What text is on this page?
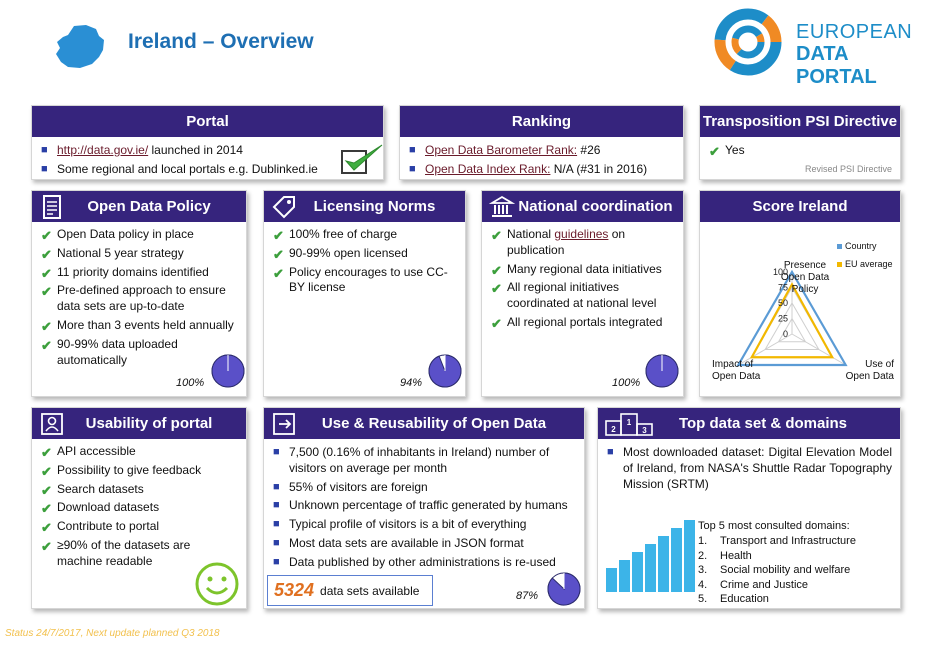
Ireland – Overview	EUROPEAN
DATA PORTAL
Portal
■ http://data.gov.ie/ launched in 2014
■ Some regional and local portals e.g. Dublinked.ie
Ranking
■ Open Data Barometer Rank: #26
■ Open Data Index Rank: N/A (#31 in 2016)
Transposition PSI Directive
✔ Yes
Revised PSI Directive
Open Data Policy
✔ Open Data policy in place
✔ National 5 year strategy
✔ 11 priority domains identified
✔ Pre-defined approach to ensure data sets are up-to-date
✔ More than 3 events held annually
✔ 90-99% data uploaded automatically
100%
Licensing Norms
✔ 100% free of charge
✔ 90-99% open licensed
✔ Policy encourages to use CC-BY license
94%
National coordination
✔ National guidelines on publication
✔ Many regional data initiatives
✔ All regional initiatives coordinated at national level
✔ All regional portals integrated
100%
Score Ireland
0
25
50
75
100
Country
EU average
Presence Open Data Policy
Impact of Open Data
Use of Open Data
Usability of portal
✔ API accessible
✔ Possibility to give feedback
✔ Search datasets
✔ Download datasets
✔ Contribute to portal
✔ ≥90% of the datasets are machine readable
Use & Reusability of Open Data
■ 7,500 (0.16% of inhabitants in Ireland) number of visitors on average per month
■ 55% of visitors are foreign
■ Unknown percentage of traffic generated by humans
■ Typical profile of visitors is a bit of everything
■ Most data sets are available in JSON format
■ Data published by other administrations is re-used
5324 data sets available	87%
1
2	3 Top data set & domains
■ Most downloaded dataset: Digital Elevation Model of Ireland, from NASA's Shuttle Radar Topography Mission (SRTM)
Top 5 most consulted domains:
1. Transport and Infrastructure
2. Health
3. Social mobility and welfare
4. Crime and Justice
5. Education
Status 24/7/2017, Next update planned Q3 2018
